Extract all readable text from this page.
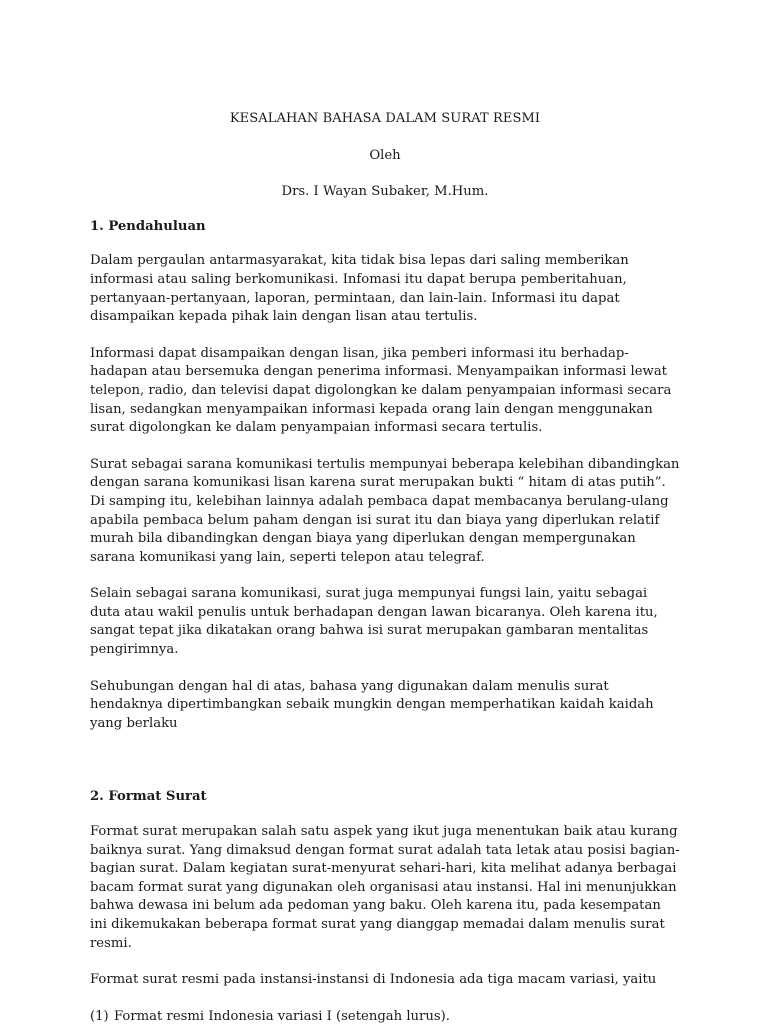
KESALAHAN BAHASA DALAM SURAT RESMI
Oleh
Drs. I Wayan Subaker, M.Hum.
1. Pendahuluan

Dalam pergaulan antarmasyarakat, kita tidak bisa lepas dari saling memberikan informasi atau saling berkomunikasi. Infomasi itu dapat berupa pemberitahuan, pertanyaan-pertanyaan, laporan, permintaan, dan lain-lain. Informasi itu dapat disampaikan kepada pihak lain dengan lisan atau tertulis.

Informasi dapat disampaikan dengan lisan, jika pemberi informasi itu berhadap-hadapan atau bersemuka dengan penerima informasi. Menyampaikan informasi lewat telepon, radio, dan televisi dapat digolongkan ke dalam penyampaian informasi secara lisan, sedangkan menyampaikan informasi kepada orang lain dengan menggunakan surat digolongkan ke dalam penyampaian informasi secara tertulis.

Surat sebagai sarana komunikasi tertulis mempunyai beberapa kelebihan dibandingkan dengan sarana komunikasi lisan karena surat merupakan bukti “ hitam di atas putih”. Di samping itu, kelebihan lainnya adalah pembaca dapat membacanya berulang-ulang apabila pembaca belum paham dengan isi surat itu dan biaya yang diperlukan relatif murah bila dibandingkan dengan biaya yang diperlukan dengan mempergunakan sarana komunikasi yang lain, seperti telepon atau telegraf.

Selain sebagai sarana komunikasi, surat juga mempunyai fungsi lain, yaitu sebagai duta atau wakil penulis untuk berhadapan dengan lawan bicaranya. Oleh karena itu, sangat tepat jika dikatakan orang bahwa isi surat merupakan gambaran mentalitas pengirimnya.

Sehubungan dengan hal di atas, bahasa yang digunakan dalam menulis surat hendaknya dipertimbangkan sebaik mungkin dengan memperhatikan kaidah kaidah yang berlaku

2. Format Surat

Format surat merupakan salah satu aspek yang ikut juga menentukan baik atau kurang baiknya surat. Yang dimaksud dengan format surat adalah tata letak atau posisi bagian-bagian surat. Dalam kegiatan surat-menyurat sehari-hari, kita melihat adanya berbagai bacam format surat yang digunakan oleh organisasi atau instansi. Hal ini menunjukkan bahwa dewasa ini belum ada pedoman yang baku. Oleh karena itu, pada kesempatan ini dikemukakan beberapa format surat yang dianggap memadai dalam menulis surat resmi.

Format surat resmi pada instansi-instansi di Indonesia ada tiga macam variasi, yaitu

(1) Format resmi Indonesia variasi I (setengah lurus).
